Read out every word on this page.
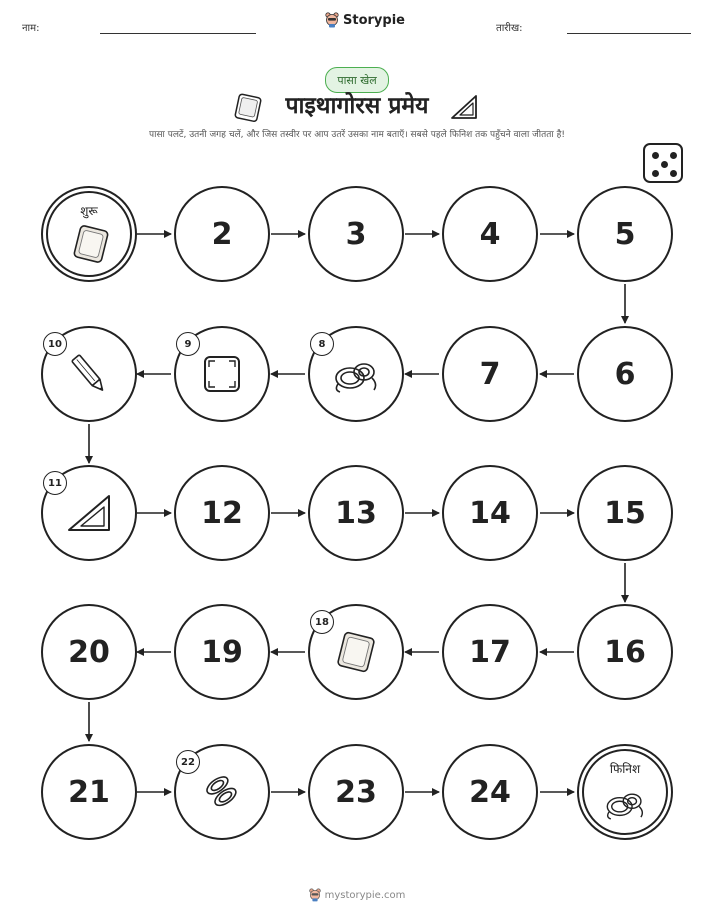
नाम:
Storypie
तारीख:
पासा खेल
पाइथागोरस प्रमेय
पासा पलटें, उतनी जगह चलें, और जिस तस्वीर पर आप उतरें उसका नाम बताएँ। सबसे पहले फिनिश तक पहुँचने वाला जीतता है!
शुरू
2	3	4	5
6
7
8
9
10
11
12	13	14	15
16
17
18
19
20
21
22
23	24
फिनिश
mystorypie.com
